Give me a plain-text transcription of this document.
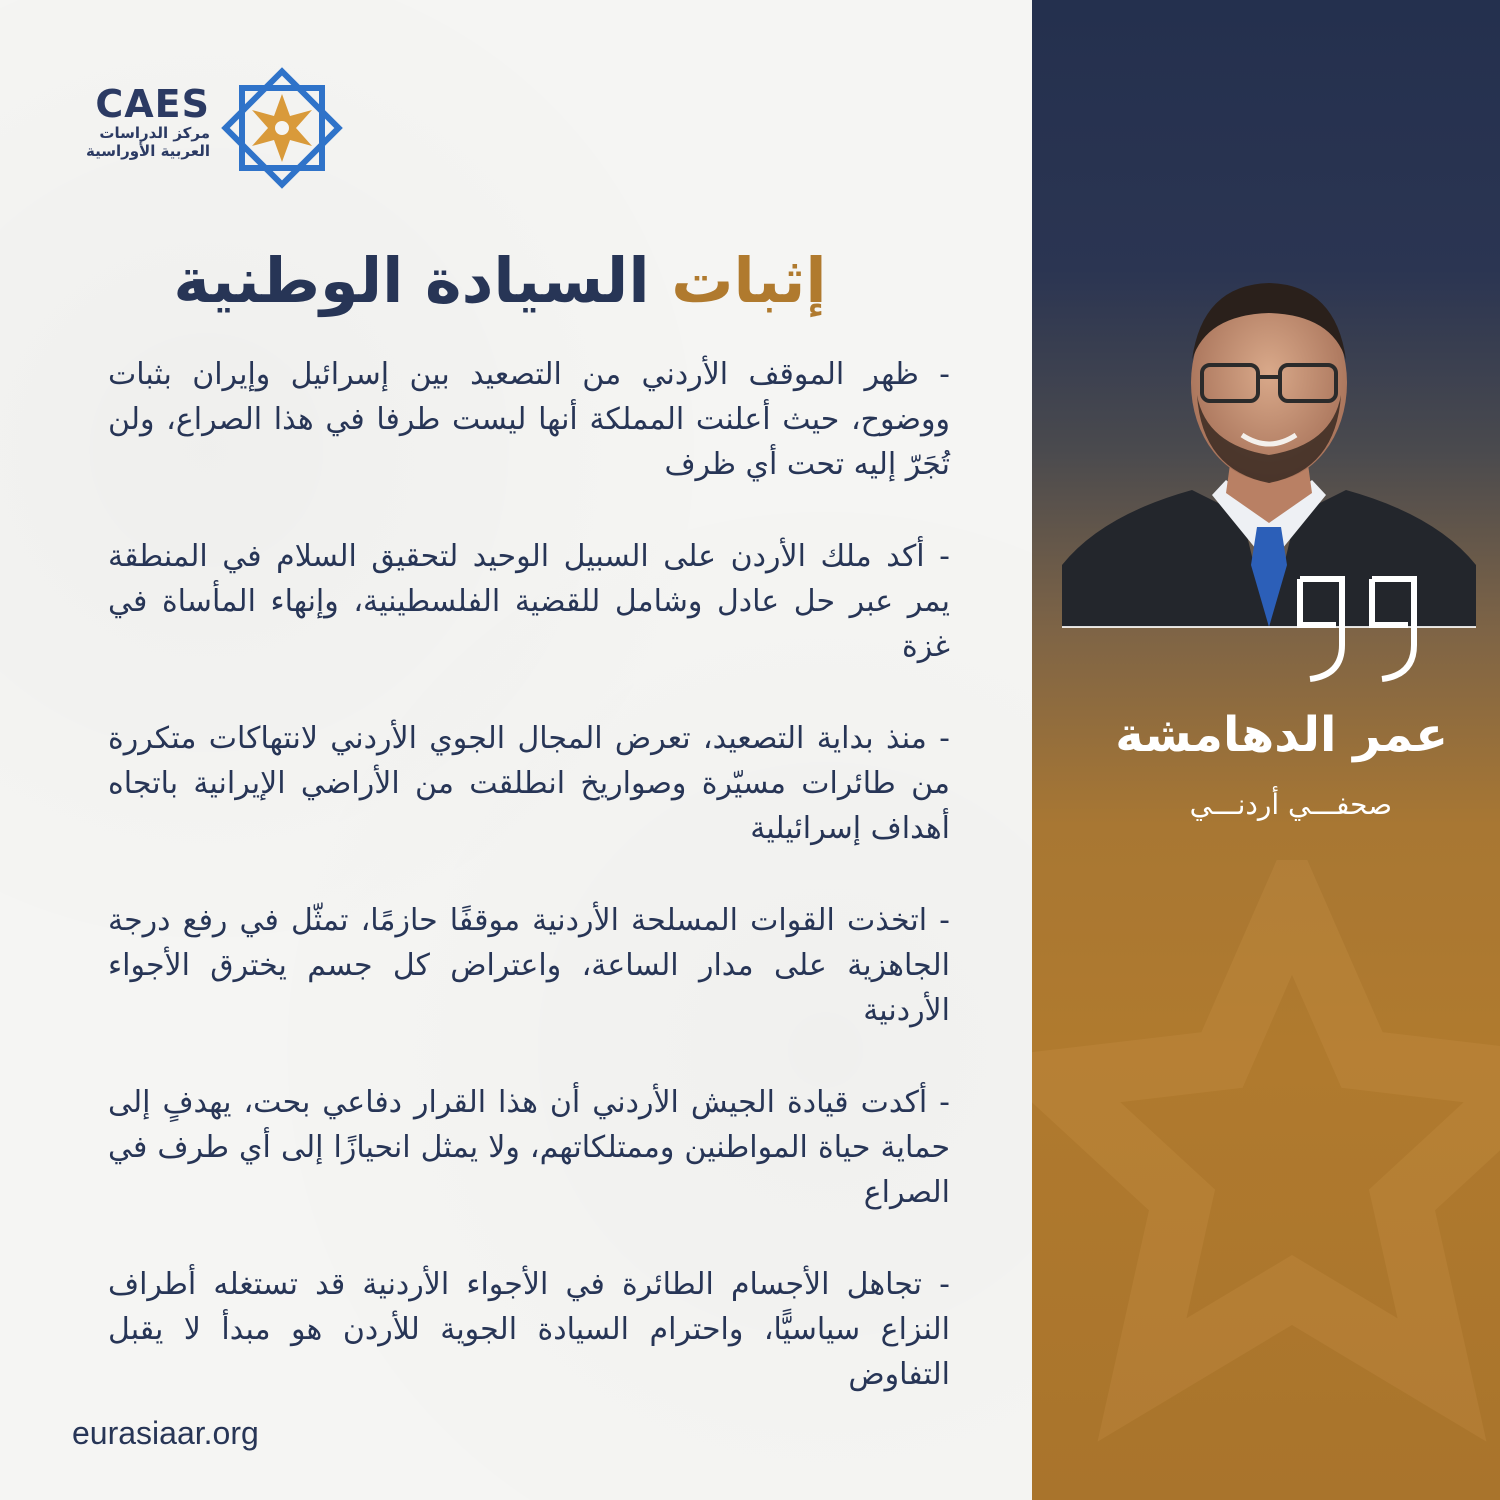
CAES
مركز الدراسات
العربية الأوراسية
إثبات السيادة الوطنية

- ظهر الموقف الأردني من التصعيد بين إسرائيل وإيران بثبات ووضوح، حيث أعلنت المملكة أنها ليست طرفا في هذا الصراع، ولن تُجَرّ إليه تحت أي ظرف

- أكد ملك الأردن على السبيل الوحيد لتحقيق السلام في المنطقة يمر عبر حل عادل وشامل للقضية الفلسطينية، وإنهاء المأساة في غزة

- منذ بداية التصعيد، تعرض المجال الجوي الأردني لانتهاكات متكررة من طائرات مسيّرة وصواريخ انطلقت من الأراضي الإيرانية باتجاه أهداف إسرائيلية

- اتخذت القوات المسلحة الأردنية موقفًا حازمًا، تمثّل في رفع درجة الجاهزية على مدار الساعة، واعتراض كل جسم يخترق الأجواء الأردنية

- أكدت قيادة الجيش الأردني أن هذا القرار دفاعي بحت، يهدفٍ إلى حماية حياة المواطنين وممتلكاتهم، ولا يمثل انحيازًا إلى أي طرف في الصراع

- تجاهل الأجسام الطائرة في الأجواء الأردنية قد تستغله أطراف النزاع سياسيًّا، واحترام السيادة الجوية للأردن هو مبدأ لا يقبل التفاوض

eurasiaar.org
عمر الدهامشة
صحفـــي أردنـــي
